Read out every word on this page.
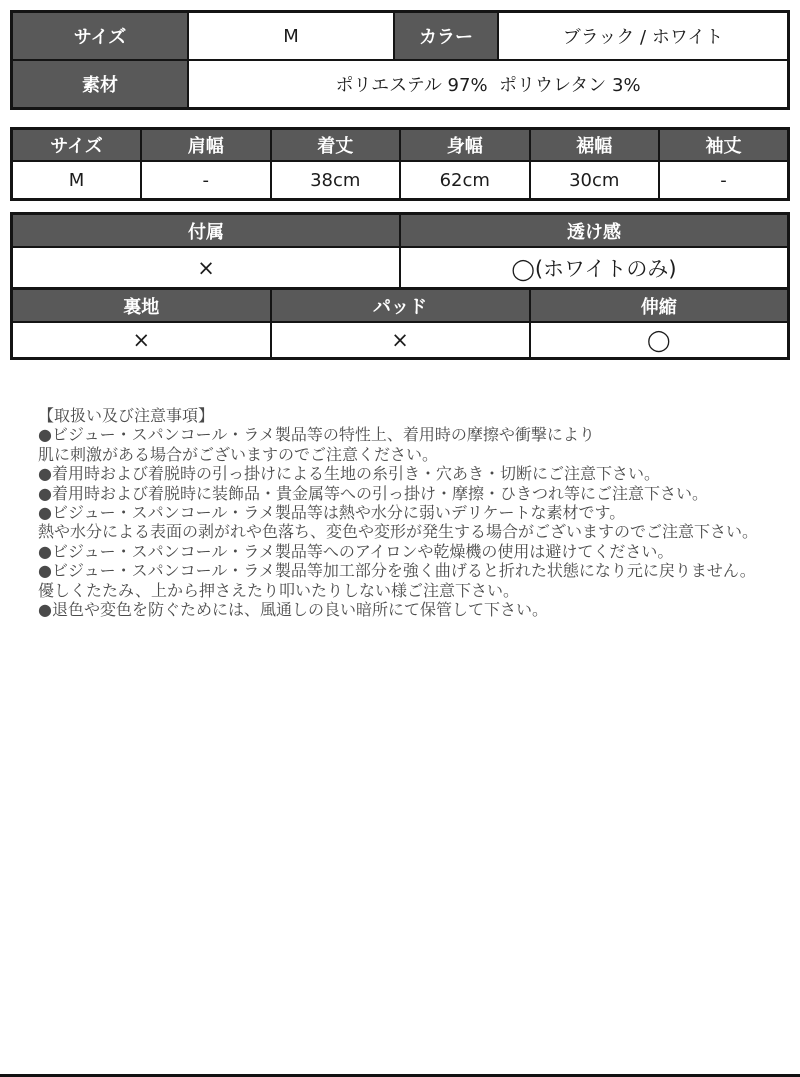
サイズ	M	カラー	ブラック / ホワイト
素材	ポリエステル 97%  ポリウレタン 3%		
サイズ	肩幅	着丈	身幅	裾幅	袖丈
M	-	38cm	62cm	30cm	-
付属	透け感
×	◯(ホワイトのみ)
裏地	パッド	伸縮
×	×	◯
【取扱い及び注意事項】
●ビジュー・スパンコール・ラメ製品等の特性上、着用時の摩擦や衝撃により
肌に刺激がある場合がございますのでご注意ください。
●着用時および着脱時の引っ掛けによる生地の糸引き・穴あき・切断にご注意下さい。
●着用時および着脱時に装飾品・貴金属等への引っ掛け・摩擦・ひきつれ等にご注意下さい。
●ビジュー・スパンコール・ラメ製品等は熱や水分に弱いデリケートな素材です。
熱や水分による表面の剥がれや色落ち、変色や変形が発生する場合がございますのでご注意下さい。
●ビジュー・スパンコール・ラメ製品等へのアイロンや乾燥機の使用は避けてください。
●ビジュー・スパンコール・ラメ製品等加工部分を強く曲げると折れた状態になり元に戻りません。
優しくたたみ、上から押さえたり叩いたりしない様ご注意下さい。
●退色や変色を防ぐためには、風通しの良い暗所にて保管して下さい。
